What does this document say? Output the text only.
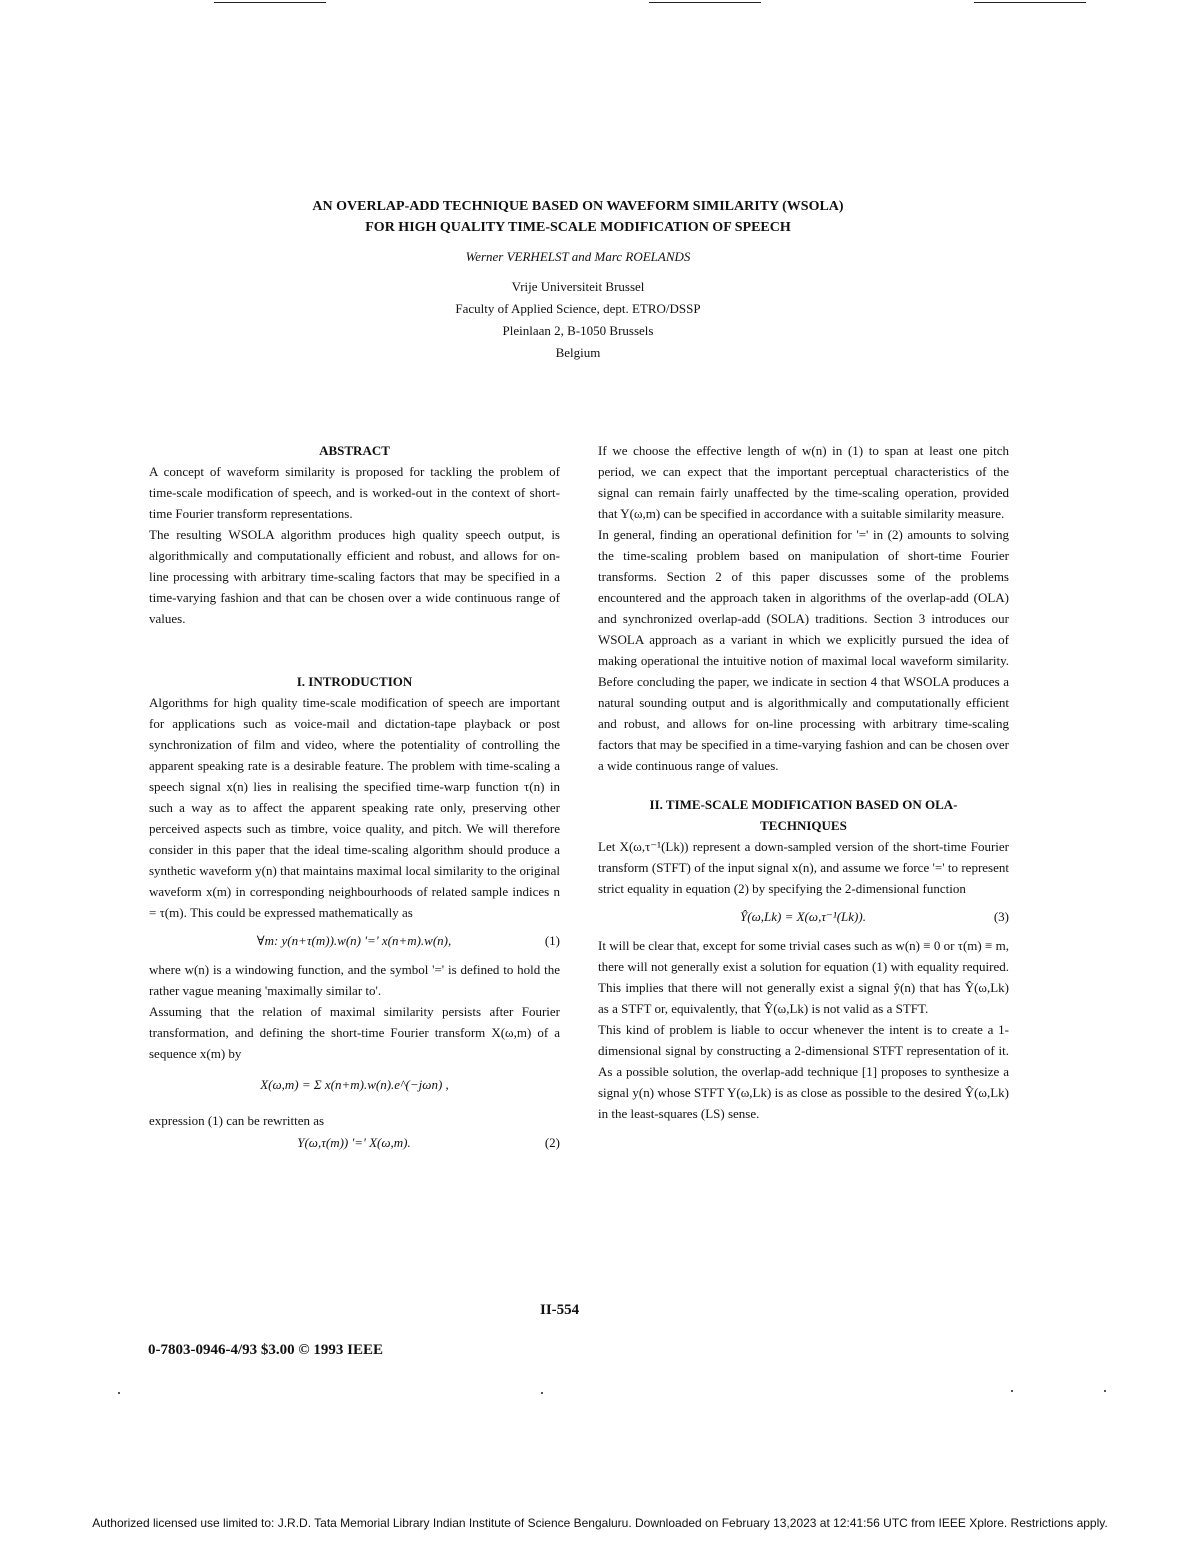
AN OVERLAP-ADD TECHNIQUE BASED ON WAVEFORM SIMILARITY (WSOLA)
FOR HIGH QUALITY TIME-SCALE MODIFICATION OF SPEECH
Werner VERHELST and Marc ROELANDS
Vrije Universiteit Brussel
Faculty of Applied Science, dept. ETRO/DSSP
Pleinlaan 2, B-1050 Brussels
Belgium
ABSTRACT

A concept of waveform similarity is proposed for tackling the problem of time-scale modification of speech, and is worked-out in the context of short-time Fourier transform representations.

The resulting WSOLA algorithm produces high quality speech output, is algorithmically and computationally efficient and robust, and allows for on-line processing with arbitrary time-scaling factors that may be specified in a time-varying fashion and that can be chosen over a wide continuous range of values.

I. INTRODUCTION

Algorithms for high quality time-scale modification of speech are important for applications such as voice-mail and dictation-tape playback or post synchronization of film and video, where the potentiality of controlling the apparent speaking rate is a desirable feature. The problem with time-scaling a speech signal x(n) lies in realising the specified time-warp function τ(n) in such a way as to affect the apparent speaking rate only, preserving other perceived aspects such as timbre, voice quality, and pitch. We will therefore consider in this paper that the ideal time-scaling algorithm should produce a synthetic waveform y(n) that maintains maximal local similarity to the original waveform x(m) in corresponding neighbourhoods of related sample indices n = τ(m). This could be expressed mathematically as

∀m: y(n+τ(m)).w(n) '=' x(n+m).w(n),	(1)

where w(n) is a windowing function, and the symbol '=' is defined to hold the rather vague meaning 'maximally similar to'.

Assuming that the relation of maximal similarity persists after Fourier transformation, and defining the short-time Fourier transform X(ω,m) of a sequence x(m) by

X(ω,m) = Σ x(n+m).w(n).e^(−jωn) ,

expression (1) can be rewritten as

Y(ω,τ(m)) '=' X(ω,m).	(2)

If we choose the effective length of w(n) in (1) to span at least one pitch period, we can expect that the important perceptual characteristics of the signal can remain fairly unaffected by the time-scaling operation, provided that Y(ω,m) can be specified in accordance with a suitable similarity measure.

In general, finding an operational definition for '=' in (2) amounts to solving the time-scaling problem based on manipulation of short-time Fourier transforms. Section 2 of this paper discusses some of the problems encountered and the approach taken in algorithms of the overlap-add (OLA) and synchronized overlap-add (SOLA) traditions. Section 3 introduces our WSOLA approach as a variant in which we explicitly pursued the idea of making operational the intuitive notion of maximal local waveform similarity. Before concluding the paper, we indicate in section 4 that WSOLA produces a natural sounding output and is algorithmically and computationally efficient and robust, and allows for on-line processing with arbitrary time-scaling factors that may be specified in a time-varying fashion and can be chosen over a wide continuous range of values.

II. TIME-SCALE MODIFICATION BASED ON OLA-
TECHNIQUES

Let X(ω,τ⁻¹(Lk)) represent a down-sampled version of the short-time Fourier transform (STFT) of the input signal x(n), and assume we force '=' to represent strict equality in equation (2) by specifying the 2-dimensional function

Ŷ(ω,Lk) = X(ω,τ⁻¹(Lk)).	(3)

It will be clear that, except for some trivial cases such as w(n) ≡ 0 or τ(m) ≡ m, there will not generally exist a solution for equation (1) with equality required. This implies that there will not generally exist a signal ŷ(n) that has Ŷ(ω,Lk) as a STFT or, equivalently, that Ŷ(ω,Lk) is not valid as a STFT.

This kind of problem is liable to occur whenever the intent is to create a 1-dimensional signal by constructing a 2-dimensional STFT representation of it. As a possible solution, the overlap-add technique [1] proposes to synthesize a signal y(n) whose STFT Y(ω,Lk) is as close as possible to the desired Ŷ(ω,Lk) in the least-squares (LS) sense.

II-554
0-7803-0946-4/93 $3.00 © 1993 IEEE
Authorized licensed use limited to: J.R.D. Tata Memorial Library Indian Institute of Science Bengaluru. Downloaded on February 13,2023 at 12:41:56 UTC from IEEE Xplore. Restrictions apply.
